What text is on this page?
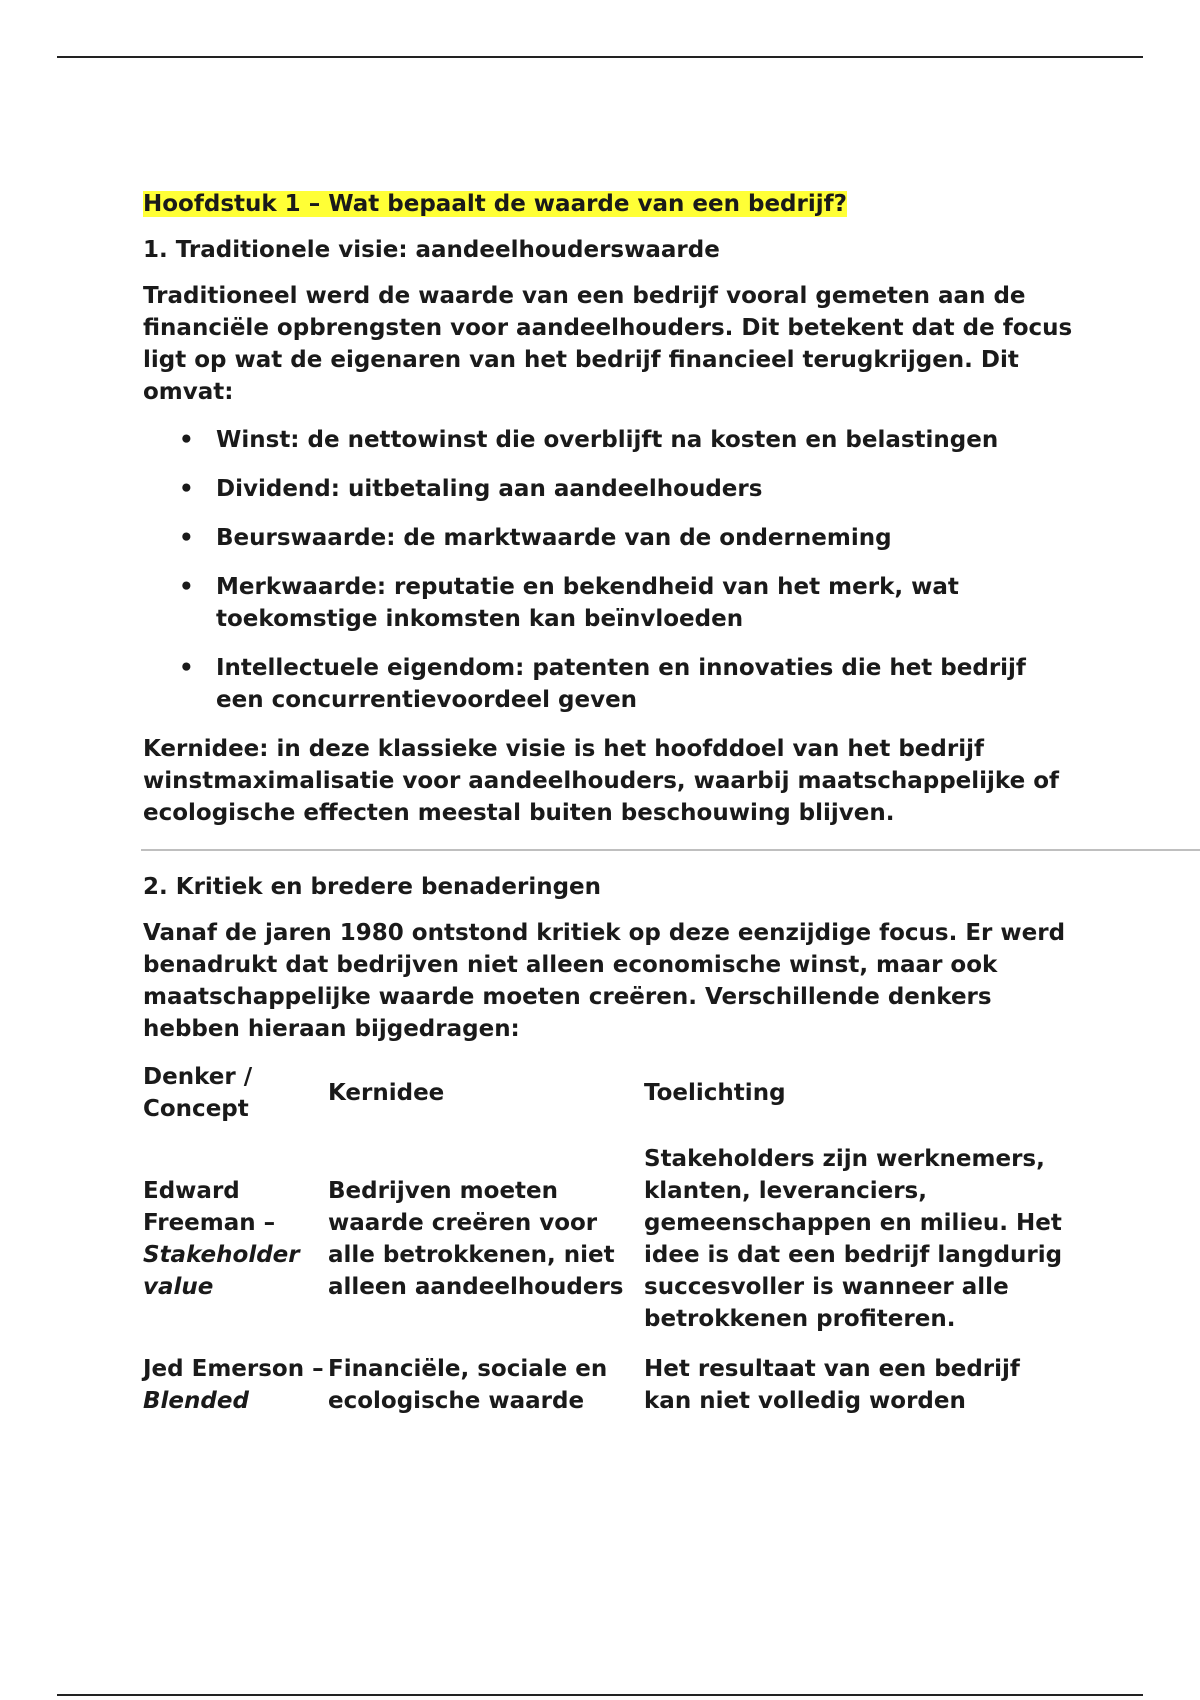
Hoofdstuk 1 – Wat bepaalt de waarde van een bedrijf?
1. Traditionele visie: aandeelhouderswaarde

Traditioneel werd de waarde van een bedrijf vooral gemeten aan de financiële opbrengsten voor aandeelhouders. Dit betekent dat de focus ligt op wat de eigenaren van het bedrijf financieel terugkrijgen. Dit omvat:

• Winst: de nettowinst die overblijft na kosten en belastingen
• Dividend: uitbetaling aan aandeelhouders
• Beurswaarde: de marktwaarde van de onderneming
• Merkwaarde: reputatie en bekendheid van het merk, wat toekomstige inkomsten kan beïnvloeden
• Intellectuele eigendom: patenten en innovaties die het bedrijf een concurrentievoordeel geven

Kernidee: in deze klassieke visie is het hoofddoel van het bedrijf winstmaximalisatie voor aandeelhouders, waarbij maatschappelijke of ecologische effecten meestal buiten beschouwing blijven.

2. Kritiek en bredere benaderingen

Vanaf de jaren 1980 ontstond kritiek op deze eenzijdige focus. Er werd benadrukt dat bedrijven niet alleen economische winst, maar ook maatschappelijke waarde moeten creëren. Verschillende denkers hebben hieraan bijgedragen:

Denker / Concept	Kernidee	Toelichting
Edward Freeman – Stakeholder value	Bedrijven moeten waarde creëren voor alle betrokkenen, niet alleen aandeelhouders	Stakeholders zijn werknemers, klanten, leveranciers, gemeenschappen en milieu. Het idee is dat een bedrijf langdurig succesvoller is wanneer alle betrokkenen profiteren.
Jed Emerson – Blended	Financiële, sociale en ecologische waarde	Het resultaat van een bedrijf kan niet volledig worden
